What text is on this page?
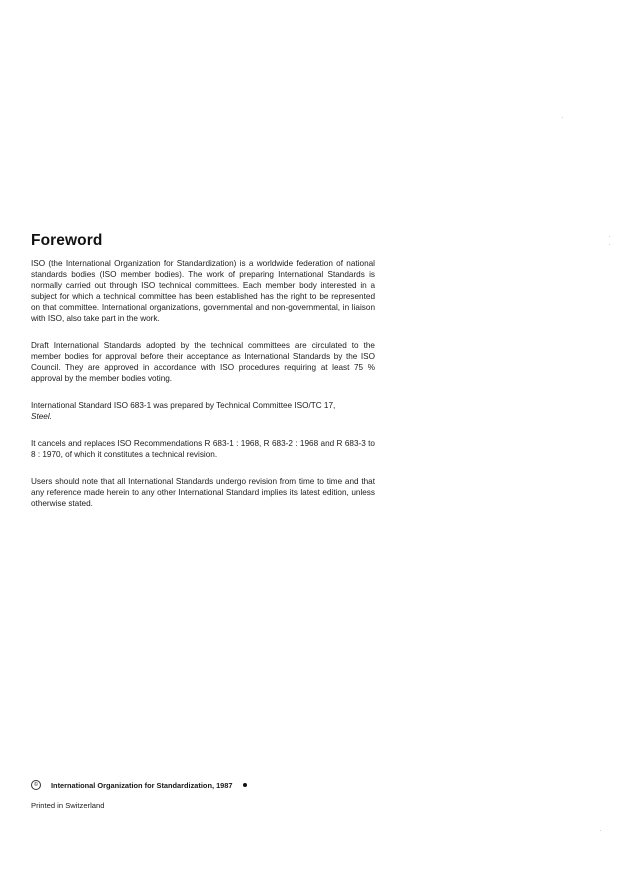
Foreword

ISO (the International Organization for Standardization) is a worldwide federation of national standards bodies (ISO member bodies). The work of preparing International Standards is normally carried out through ISO technical committees. Each member body interested in a subject for which a technical committee has been established has the right to be represented on that committee. International organizations, governmental and non-governmental, in liaison with ISO, also take part in the work.

Draft International Standards adopted by the technical committees are circulated to the member bodies for approval before their acceptance as International Standards by the ISO Council. They are approved in accordance with ISO procedures requiring at least 75 % approval by the member bodies voting.

International Standard ISO 683-1 was prepared by Technical Committee ISO/TC 17,
Steel.

It cancels and replaces ISO Recommendations R 683-1 : 1968, R 683-2 : 1968 and R 683-3 to 8 : 1970, of which it constitutes a technical revision.

Users should note that all International Standards undergo revision from time to time and that any reference made herein to any other International Standard implies its latest edition, unless otherwise stated.

©	International Organization for Standardization, 1987
Printed in Switzerland
